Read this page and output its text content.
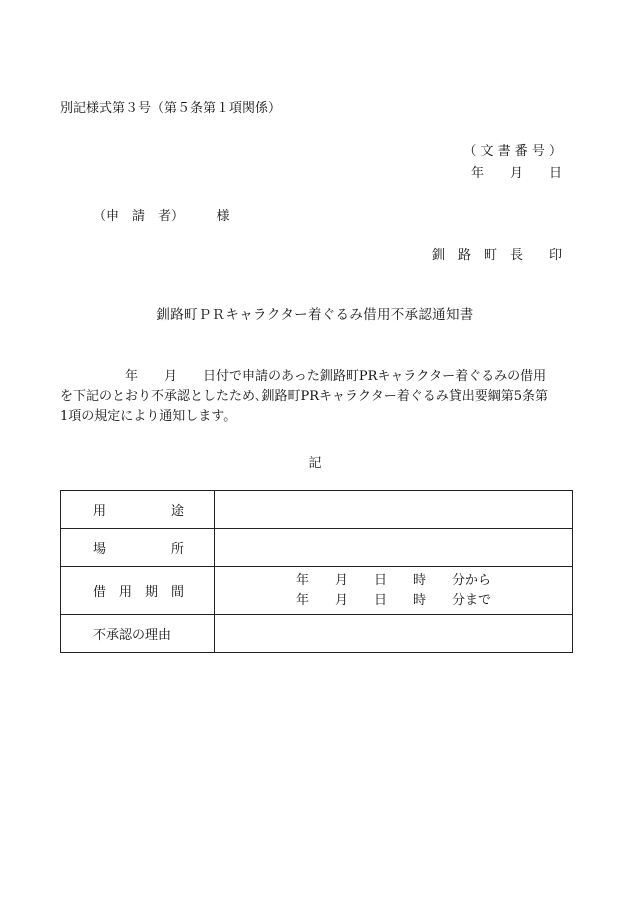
別記様式第３号（第５条第１項関係）
（ 文 書 番 号 ）
年　　月　　日
（申　請　者）　　　様
釧　路　町　長　　印
釧路町ＰＲキャラクター着ぐるみ借用不承認通知書
　　　　　年　　月　　日付で申請のあった釧路町PRキャラクター着ぐるみの借用
を下記のとおり不承認としたため､釧路町PRキャラクター着ぐるみ貸出要綱第5条第
1項の規定により通知します。
記
用　　　　　途	
場　　　　　所	
借　用　期　間	年　　月　　日　　時　　分から
年　　月　　日　　時　　分まで

不承認の理由	
